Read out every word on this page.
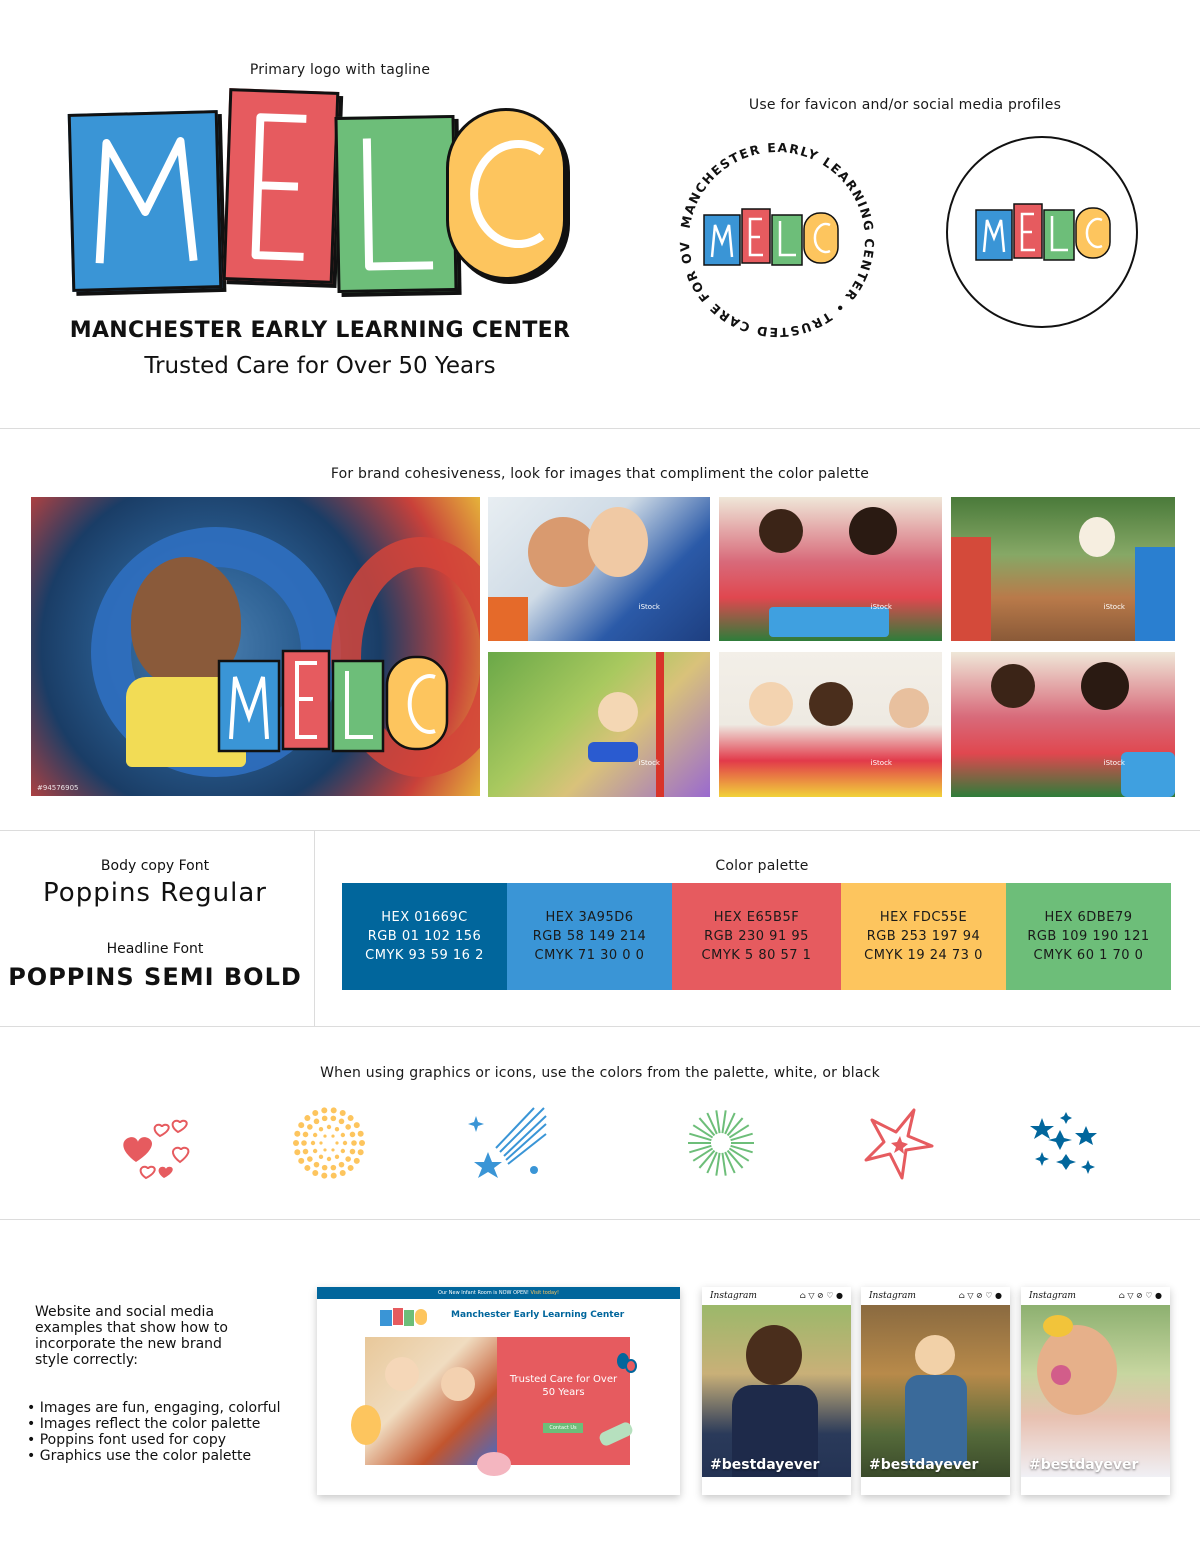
Primary logo with tagline
MANCHESTER EARLY LEARNING CENTER
Trusted Care for Over 50 Years
Use for favicon and/or social media profiles
MANCHESTER EARLY LEARNING CENTER • TRUSTED CARE FOR OV
For brand cohesiveness, look for images that compliment the color palette
#94576905
iStock	iStock	iStock
iStock	iStock	iStock
Body copy Font
Poppins Regular
Headline Font
POPPINS SEMI BOLD
Color palette
HEX 01669C
RGB 01 102 156
CMYK 93 59 16 2
HEX 3A95D6
RGB 58 149 214
CMYK 71 30 0 0
HEX E65B5F
RGB 230 91 95
CMYK 5 80 57 1
HEX FDC55E
RGB 253 197 94
CMYK 19 24 73 0
HEX 6DBE79
RGB 109 190 121
CMYK 60 1 70 0
When using graphics or icons, use the colors from the palette, white, or black
Website and social media examples that show how to incorporate the new brand style correctly:
• Images are fun, engaging, colorful
• Images reflect the color palette
• Poppins font used for copy
• Graphics use the color palette
Our New Infant Room is NOW OPEN! Visit today!
Manchester Early Learning Center
Trusted Care for Over 50 Years
Contact Us
Instagram	⌂ ▽ ⊘ ♡ ●
#bestdayever
Instagram	⌂ ▽ ⊘ ♡ ●
#bestdayever
Instagram	⌂ ▽ ⊘ ♡ ●
#bestdayever
